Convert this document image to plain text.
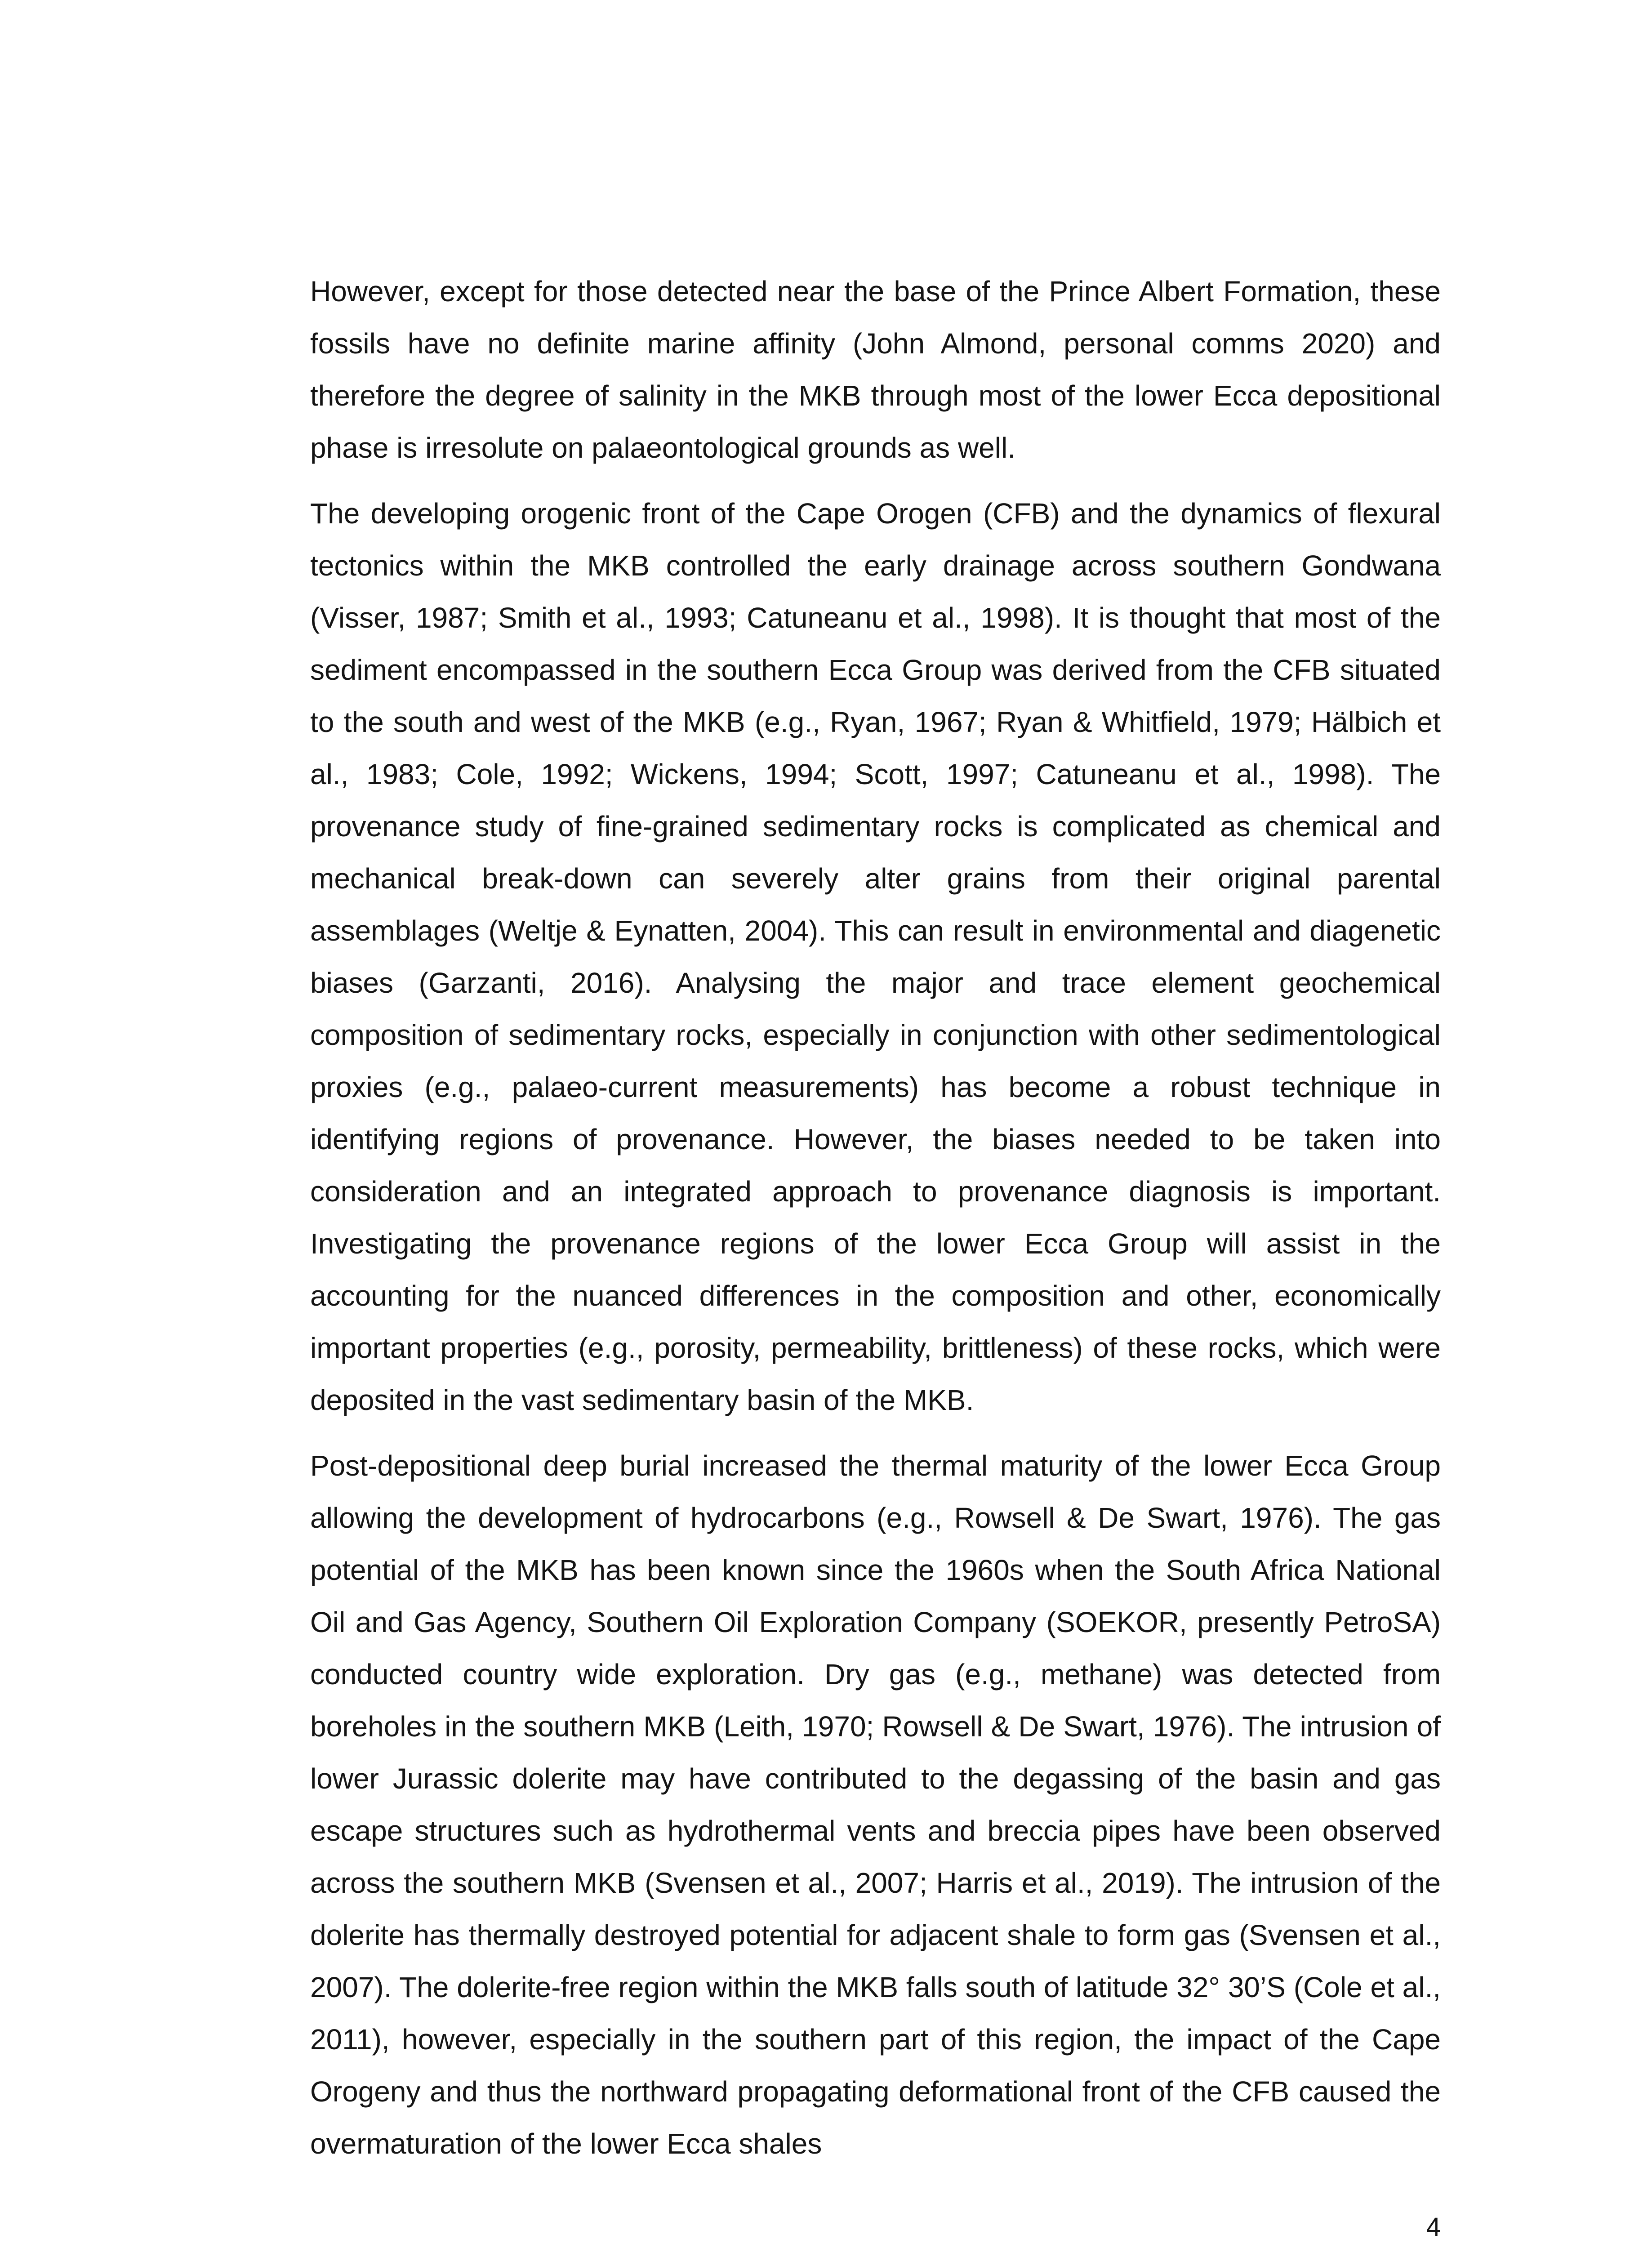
However, except for those detected near the base of the Prince Albert Formation, these fossils have no definite marine affinity (John Almond, personal comms 2020) and therefore the degree of salinity in the MKB through most of the lower Ecca depositional phase is irresolute on palaeontological grounds as well.

The developing orogenic front of the Cape Orogen (CFB) and the dynamics of flexural tectonics within the MKB controlled the early drainage across southern Gondwana (Visser, 1987; Smith et al., 1993; Catuneanu et al., 1998). It is thought that most of the sediment encompassed in the southern Ecca Group was derived from the CFB situated to the south and west of the MKB (e.g., Ryan, 1967; Ryan & Whitfield, 1979; Hälbich et al., 1983; Cole, 1992; Wickens, 1994; Scott, 1997; Catuneanu et al., 1998). The provenance study of fine-grained sedimentary rocks is complicated as chemical and mechanical break-down can severely alter grains from their original parental assemblages (Weltje & Eynatten, 2004). This can result in environmental and diagenetic biases (Garzanti, 2016). Analysing the major and trace element geochemical composition of sedimentary rocks, especially in conjunction with other sedimentological proxies (e.g., palaeo-current measurements) has become a robust technique in identifying regions of provenance. However, the biases needed to be taken into consideration and an integrated approach to provenance diagnosis is important. Investigating the provenance regions of the lower Ecca Group will assist in the accounting for the nuanced differences in the composition and other, economically important properties (e.g., porosity, permeability, brittleness) of these rocks, which were deposited in the vast sedimentary basin of the MKB.

Post-depositional deep burial increased the thermal maturity of the lower Ecca Group allowing the development of hydrocarbons (e.g., Rowsell & De Swart, 1976). The gas potential of the MKB has been known since the 1960s when the South Africa National Oil and Gas Agency, Southern Oil Exploration Company (SOEKOR, presently PetroSA) conducted country wide exploration. Dry gas (e.g., methane) was detected from boreholes in the southern MKB (Leith, 1970; Rowsell & De Swart, 1976). The intrusion of lower Jurassic dolerite may have contributed to the degassing of the basin and gas escape structures such as hydrothermal vents and breccia pipes have been observed across the southern MKB (Svensen et al., 2007; Harris et al., 2019). The intrusion of the dolerite has thermally destroyed potential for adjacent shale to form gas (Svensen et al., 2007). The dolerite-free region within the MKB falls south of latitude 32° 30’S (Cole et al., 2011), however, especially in the southern part of this region, the impact of the Cape Orogeny and thus the northward propagating deformational front of the CFB caused the overmaturation of the lower Ecca shales

4
